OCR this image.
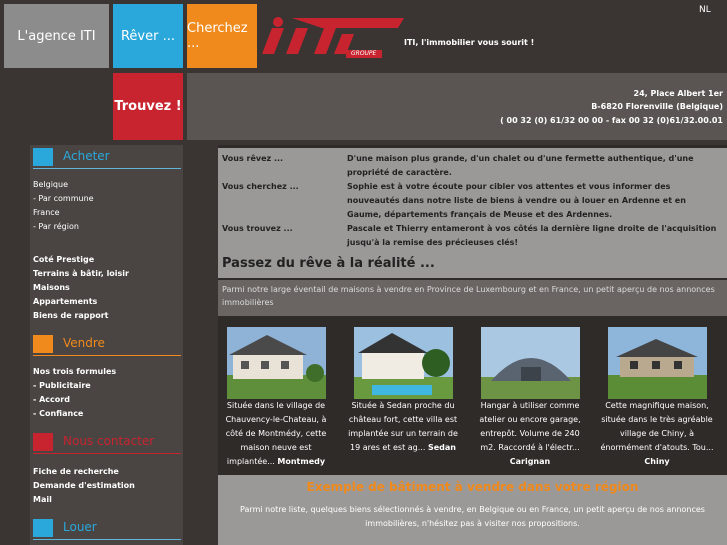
L'agence ITI Rêver ... Cherchez ...
Trouvez !
GROUPE
ITI, l'immobilier vous sourit !
NL
24, Place Albert 1er
B-6820 Florenville (Belgique)
( 00 32 (0) 61/32 00 00 - fax 00 32 (0)61/32.00.01
Acheter
Belgique
- Par commune
France
- Par région
Coté Prestige
Terrains à bâtir, loisir
Maisons
Appartements
Biens de rapport
Vendre
Nos trois formules
- Publicitaire
- Accord
- Confiance
Nous contacter
Fiche de recherche
Demande d'estimation
Mail
Louer
Vous rêvez ...	D'une maison plus grande, d'un chalet ou d'une fermette authentique, d'une propriété de caractère.
Vous cherchez ...	Sophie est à votre écoute pour cibler vos attentes et vous informer des nouveautés dans notre liste de biens à vendre ou à louer en Ardenne et en Gaume, départements français de Meuse et des Ardennes.
Vous trouvez ...	Pascale et Thierry entameront à vos côtés la dernière ligne droite de l'acquisition jusqu'à la remise des précieuses clés!
Passez du rêve à la réalité ...
Parmi notre large éventail de maisons à vendre en Province de Luxembourg et en France, un petit aperçu de nos annonces immobilières
Située dans le village de Chauvency-le-Chateau, à côté de Montmédy, cette maison neuve est implantée... Montmedy
Située à Sedan proche du château fort, cette villa est implantée sur un terrain de 19 ares et est ag... Sedan
Hangar à utiliser comme atelier ou encore garage, entrepôt. Volume de 240 m2. Raccordé à l'électr... Carignan
Cette magnifique maison, située dans le très agréable village de Chiny, à énormément d'atouts. Tou... Chiny
Exemple de bâtiment à vendre dans votre région
Parmi notre liste, quelques biens sélectionnés à vendre, en Belgique ou en France, un petit aperçu de nos annonces immobilières, n'hésitez pas à visiter nos propositions.
